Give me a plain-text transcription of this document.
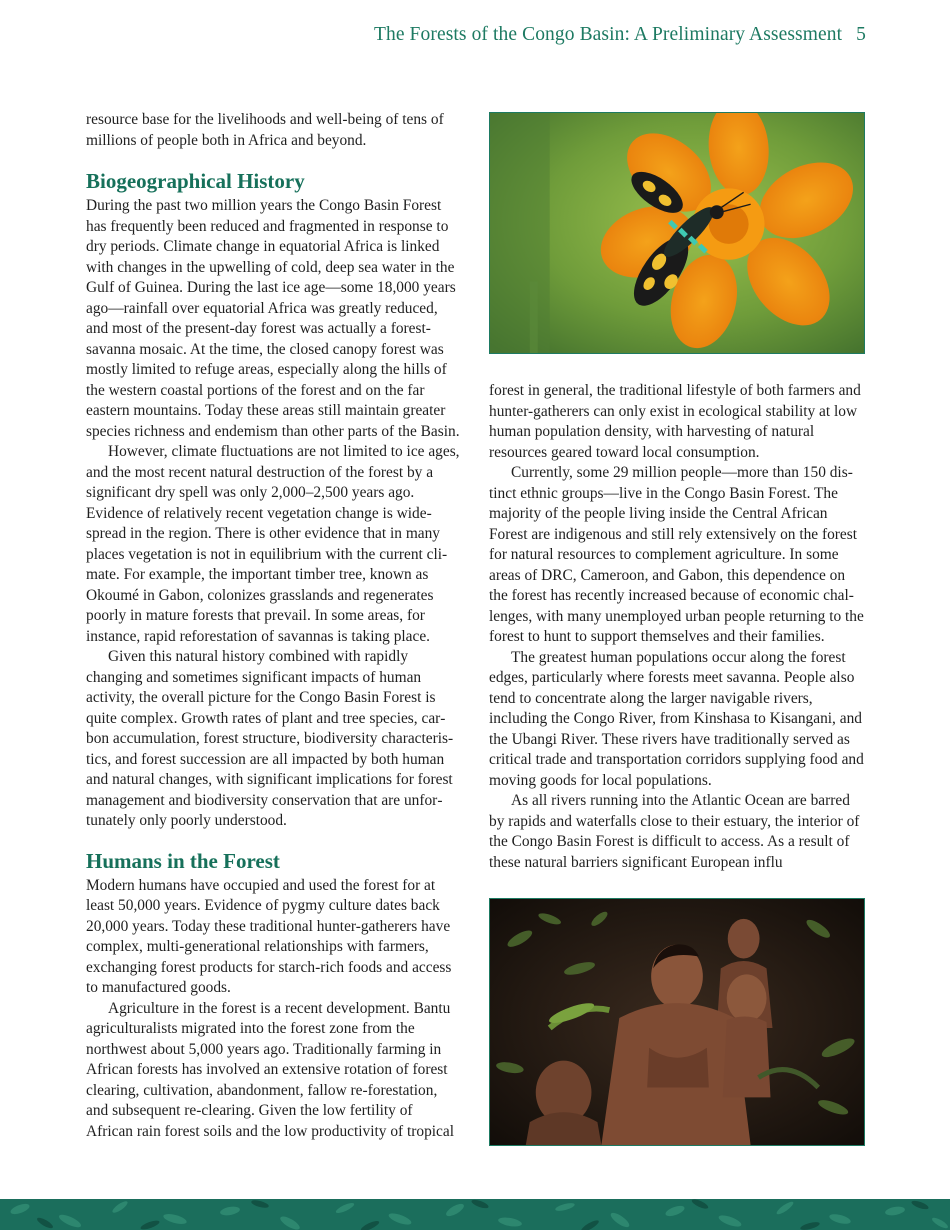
The Forests of the Congo Basin: A Preliminary Assessment 5

resource base for the livelihoods and well-being of tens of millions of people both in Africa and beyond.

Biogeographical History

During the past two million years the Congo Basin Forest has frequently been reduced and fragmented in response to dry periods. Climate change in equatorial Africa is linked with changes in the upwelling of cold, deep sea water in the Gulf of Guinea. During the last ice age—some 18,000 years ago—rainfall over equatorial Africa was greatly reduced, and most of the present-day forest was actually a forest-savanna mosaic. At the time, the closed canopy forest was mostly limited to refuge areas, especially along the hills of the western coastal portions of the forest and on the far eastern mountains. Today these areas still maintain greater species richness and endemism than other parts of the Basin.

However, climate fluctuations are not limited to ice ages, and the most recent natural destruction of the forest by a significant dry spell was only 2,000–2,500 years ago. Evidence of relatively recent vegetation change is widespread in the region. There is other evidence that in many places vegetation is not in equilibrium with the current climate. For example, the important timber tree, known as Okoumé in Gabon, colonizes grasslands and regenerates poorly in mature forests that prevail. In some areas, for instance, rapid reforestation of savannas is taking place.

Given this natural history combined with rapidly changing and sometimes significant impacts of human activity, the overall picture for the Congo Basin Forest is quite complex. Growth rates of plant and tree species, carbon accumulation, forest structure, biodiversity characteristics, and forest succession are all impacted by both human and natural changes, with significant implications for forest management and biodiversity conservation that are unfortunately only poorly understood.

Humans in the Forest

Modern humans have occupied and used the forest for at least 50,000 years. Evidence of pygmy culture dates back 20,000 years. Today these traditional hunter-gatherers have complex, multi-generational relationships with farmers, exchanging forest products for starch-rich foods and access to manufactured goods.

Agriculture in the forest is a recent development. Bantu agriculturalists migrated into the forest zone from the northwest about 5,000 years ago. Traditionally farming in African forests has involved an extensive rotation of forest clearing, cultivation, abandonment, fallow re-forestation, and subsequent re-clearing. Given the low fertility of African rain forest soils and the low productivity of tropical

forest in general, the traditional lifestyle of both farmers and hunter-gatherers can only exist in ecological stability at low human population density, with harvesting of natural resources geared toward local consumption.

Currently, some 29 million people—more than 150 distinct ethnic groups—live in the Congo Basin Forest. The majority of the people living inside the Central African Forest are indigenous and still rely extensively on the forest for natural resources to complement agriculture. In some areas of DRC, Cameroon, and Gabon, this dependence on the forest has recently increased because of economic challenges, with many unemployed urban people returning to the forest to hunt to support themselves and their families.

The greatest human populations occur along the forest edges, particularly where forests meet savanna. People also tend to concentrate along the larger navigable rivers, including the Congo River, from Kinshasa to Kisangani, and the Ubangi River. These rivers have traditionally served as critical trade and transportation corridors supplying food and moving goods for local populations.

As all rivers running into the Atlantic Ocean are barred by rapids and waterfalls close to their estuary, the interior of the Congo Basin Forest is difficult to access. As a result of these natural barriers significant European influ
